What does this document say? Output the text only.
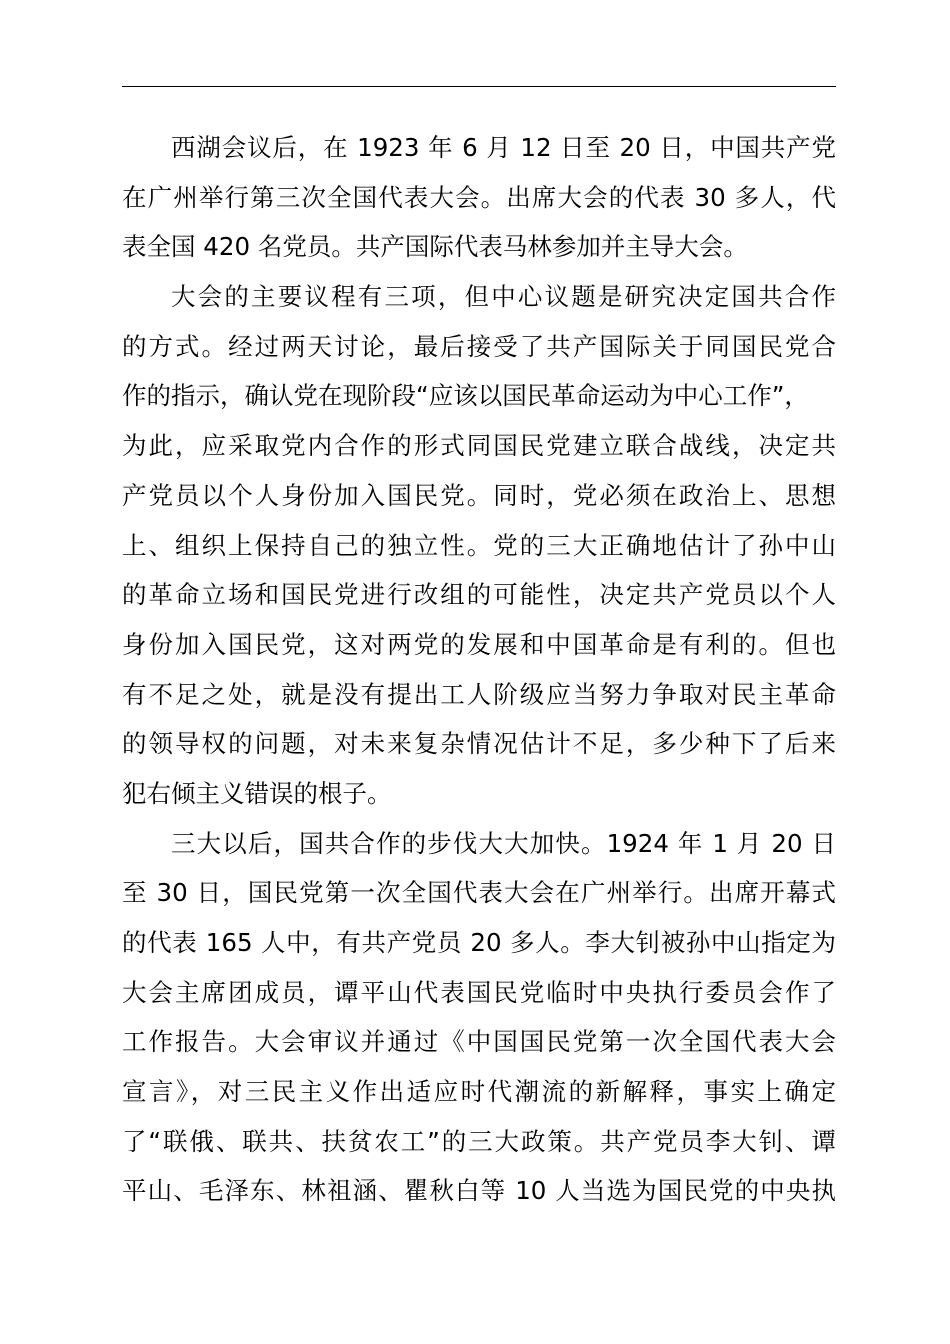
西湖会议后，在 1923 年 6 月 12 日至 20 日，中国共产党
在广州举行第三次全国代表大会。出席大会的代表 30 多人，代
表全国 420 名党员。共产国际代表马林参加并主导大会。
大会的主要议程有三项，但中心议题是研究决定国共合作
的方式。经过两天讨论，最后接受了共产国际关于同国民党合
作的指示，确认党在现阶段“应该以国民革命运动为中心工作”，
为此，应采取党内合作的形式同国民党建立联合战线，决定共
产党员以个人身份加入国民党。同时，党必须在政治上、思想
上、组织上保持自己的独立性。党的三大正确地估计了孙中山
的革命立场和国民党进行改组的可能性，决定共产党员以个人
身份加入国民党，这对两党的发展和中国革命是有利的。但也
有不足之处，就是没有提出工人阶级应当努力争取对民主革命
的领导权的问题，对未来复杂情况估计不足，多少种下了后来
犯右倾主义错误的根子。
三大以后，国共合作的步伐大大加快。1924 年 1 月 20 日
至 30 日，国民党第一次全国代表大会在广州举行。出席开幕式
的代表 165 人中，有共产党员 20 多人。李大钊被孙中山指定为
大会主席团成员，谭平山代表国民党临时中央执行委员会作了
工作报告。大会审议并通过《中国国民党第一次全国代表大会
宣言》，对三民主义作出适应时代潮流的新解释，事实上确定
了“联俄、联共、扶贫农工”的三大政策。共产党员李大钊、谭
平山、毛泽东、林祖涵、瞿秋白等 10 人当选为国民党的中央执
